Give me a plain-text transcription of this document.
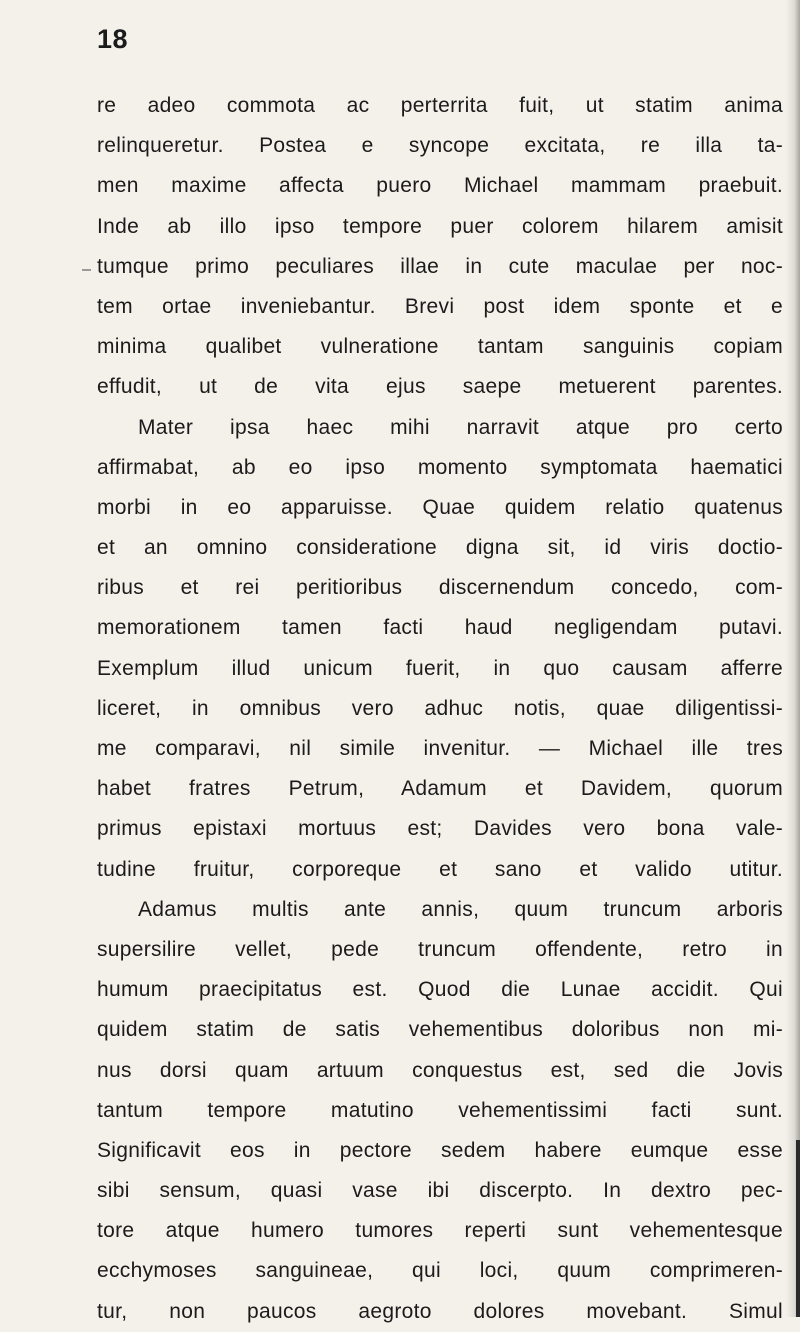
18
re adeo commota ac perterrita fuit, ut statim anima
relinqueretur. Postea e syncope excitata, re illa ta-
men maxime affecta puero Michael mammam praebuit.
Inde ab illo ipso tempore puer colorem hilarem amisit
tumque primo peculiares illae in cute maculae per noc-
tem ortae inveniebantur. Brevi post idem sponte et e
minima qualibet vulneratione tantam sanguinis copiam
effudit, ut de vita ejus saepe metuerent parentes.
Mater ipsa haec mihi narravit atque pro certo
affirmabat, ab eo ipso momento symptomata haematici
morbi in eo apparuisse. Quae quidem relatio quatenus
et an omnino consideratione digna sit, id viris doctio-
ribus et rei peritioribus discernendum concedo, com-
memorationem tamen facti haud negligendam putavi.
Exemplum illud unicum fuerit, in quo causam afferre
liceret, in omnibus vero adhuc notis, quae diligentissi-
me comparavi, nil simile invenitur. — Michael ille tres
habet fratres Petrum, Adamum et Davidem, quorum
primus epistaxi mortuus est; Davides vero bona vale-
tudine fruitur, corporeque et sano et valido utitur.
Adamus multis ante annis, quum truncum arboris
supersilire vellet, pede truncum offendente, retro in
humum praecipitatus est. Quod die Lunae accidit. Qui
quidem statim de satis vehementibus doloribus non mi-
nus dorsi quam artuum conquestus est, sed die Jovis
tantum tempore matutino vehementissimi facti sunt.
Significavit eos in pectore sedem habere eumque esse
sibi sensum, quasi vase ibi discerpto. In dextro pec-
tore atque humero tumores reperti sunt vehementesque
ecchymoses sanguineae, qui loci, quum comprimeren-
tur, non paucos aegroto dolores movebant. Simul
